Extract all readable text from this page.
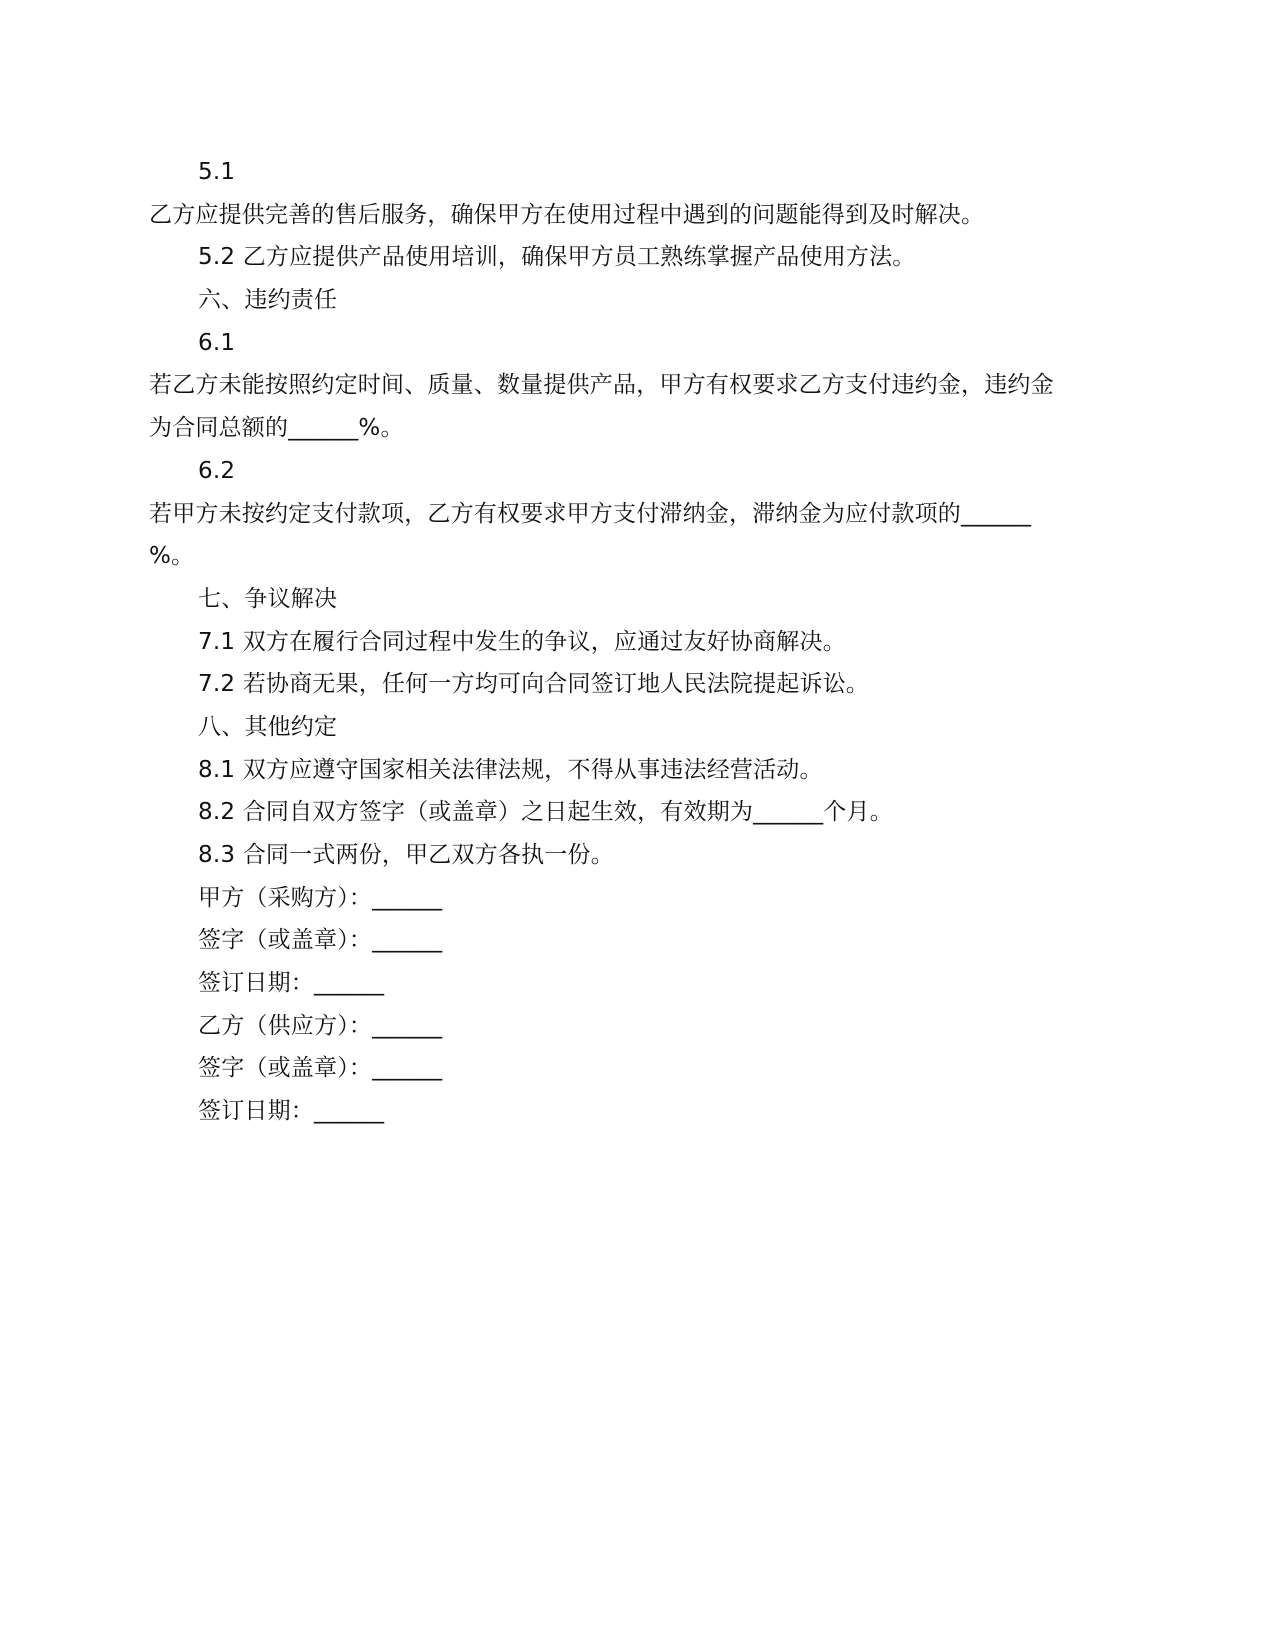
5.1
乙方应提供完善的售后服务，确保甲方在使用过程中遇到的问题能得到及时解决。
5.2 乙方应提供产品使用培训，确保甲方员工熟练掌握产品使用方法。
六、违约责任
6.1
若乙方未能按照约定时间、质量、数量提供产品，甲方有权要求乙方支付违约金，违约金
为合同总额的______%。
6.2
若甲方未按约定支付款项，乙方有权要求甲方支付滞纳金，滞纳金为应付款项的______
%。
七、争议解决
7.1 双方在履行合同过程中发生的争议，应通过友好协商解决。
7.2 若协商无果，任何一方均可向合同签订地人民法院提起诉讼。
八、其他约定
8.1 双方应遵守国家相关法律法规，不得从事违法经营活动。
8.2 合同自双方签字（或盖章）之日起生效，有效期为______个月。
8.3 合同一式两份，甲乙双方各执一份。
甲方（采购方）：______
签字（或盖章）：______
签订日期：______
乙方（供应方）：______
签字（或盖章）：______
签订日期：______
